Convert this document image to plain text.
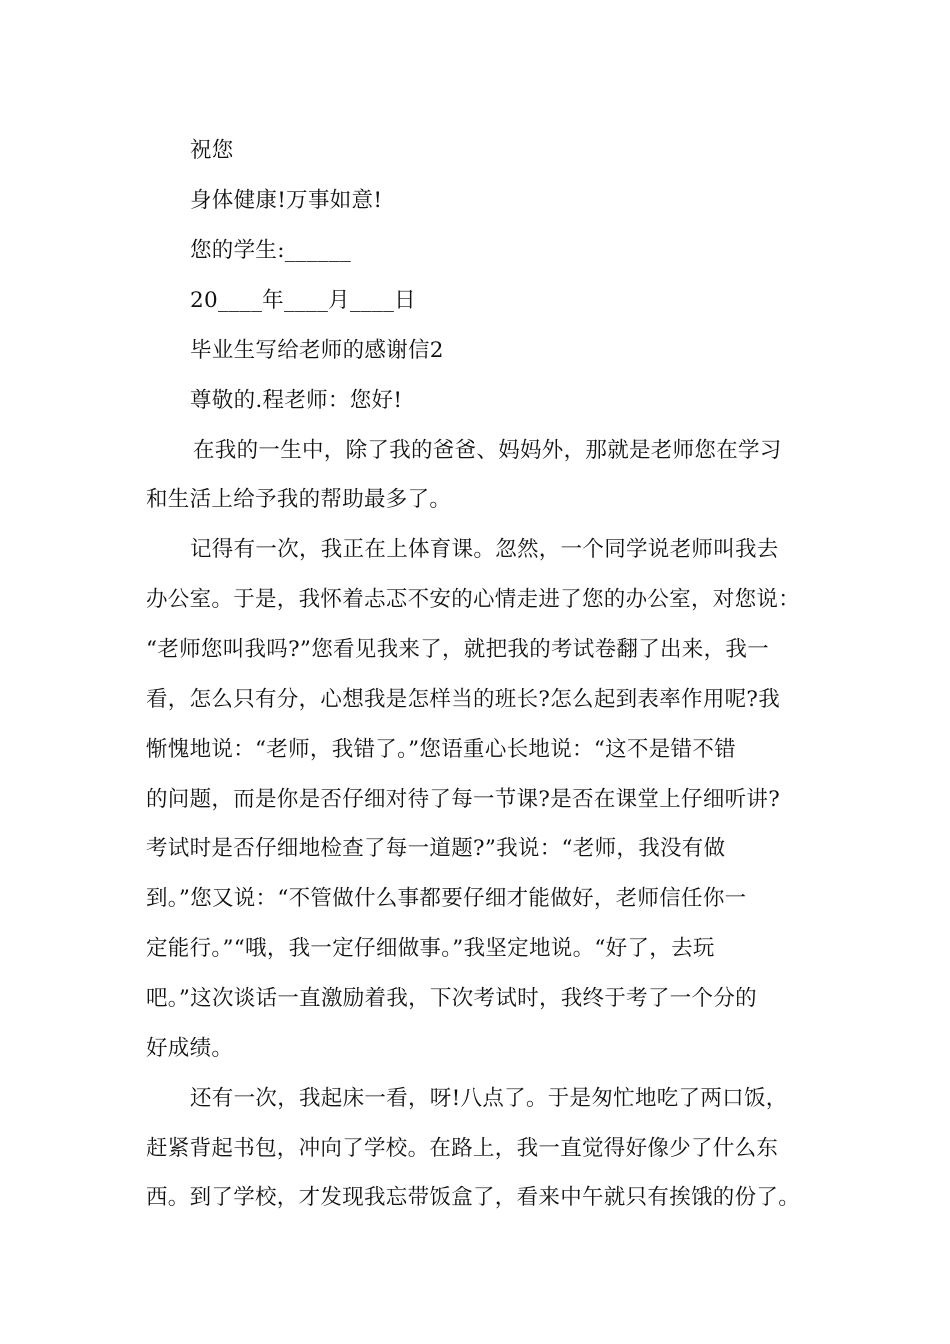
祝您
身体健康!万事如意!
您的学生:______
20____年____月____日
毕业生写给老师的感谢信2
尊敬的.程老师：您好!
在我的一生中，除了我的爸爸、妈妈外，那就是老师您在学习
和生活上给予我的帮助最多了。
记得有一次，我正在上体育课。忽然，一个同学说老师叫我去
办公室。于是，我怀着忐忑不安的心情走进了您的办公室，对您说：
“老师您叫我吗?”您看见我来了，就把我的考试卷翻了出来，我一
看，怎么只有分，心想我是怎样当的班长?怎么起到表率作用呢?我
惭愧地说：“老师，我错了。”您语重心长地说：“这不是错不错
的问题，而是你是否仔细对待了每一节课?是否在课堂上仔细听讲?
考试时是否仔细地检查了每一道题?”我说：“老师，我没有做
到。”您又说：“不管做什么事都要仔细才能做好，老师信任你一
定能行。”“哦，我一定仔细做事。”我坚定地说。“好了，去玩
吧。”这次谈话一直激励着我，下次考试时，我终于考了一个分的
好成绩。
还有一次，我起床一看，呀!八点了。于是匆忙地吃了两口饭，
赶紧背起书包，冲向了学校。在路上，我一直觉得好像少了什么东
西。到了学校，才发现我忘带饭盒了，看来中午就只有挨饿的份了。
